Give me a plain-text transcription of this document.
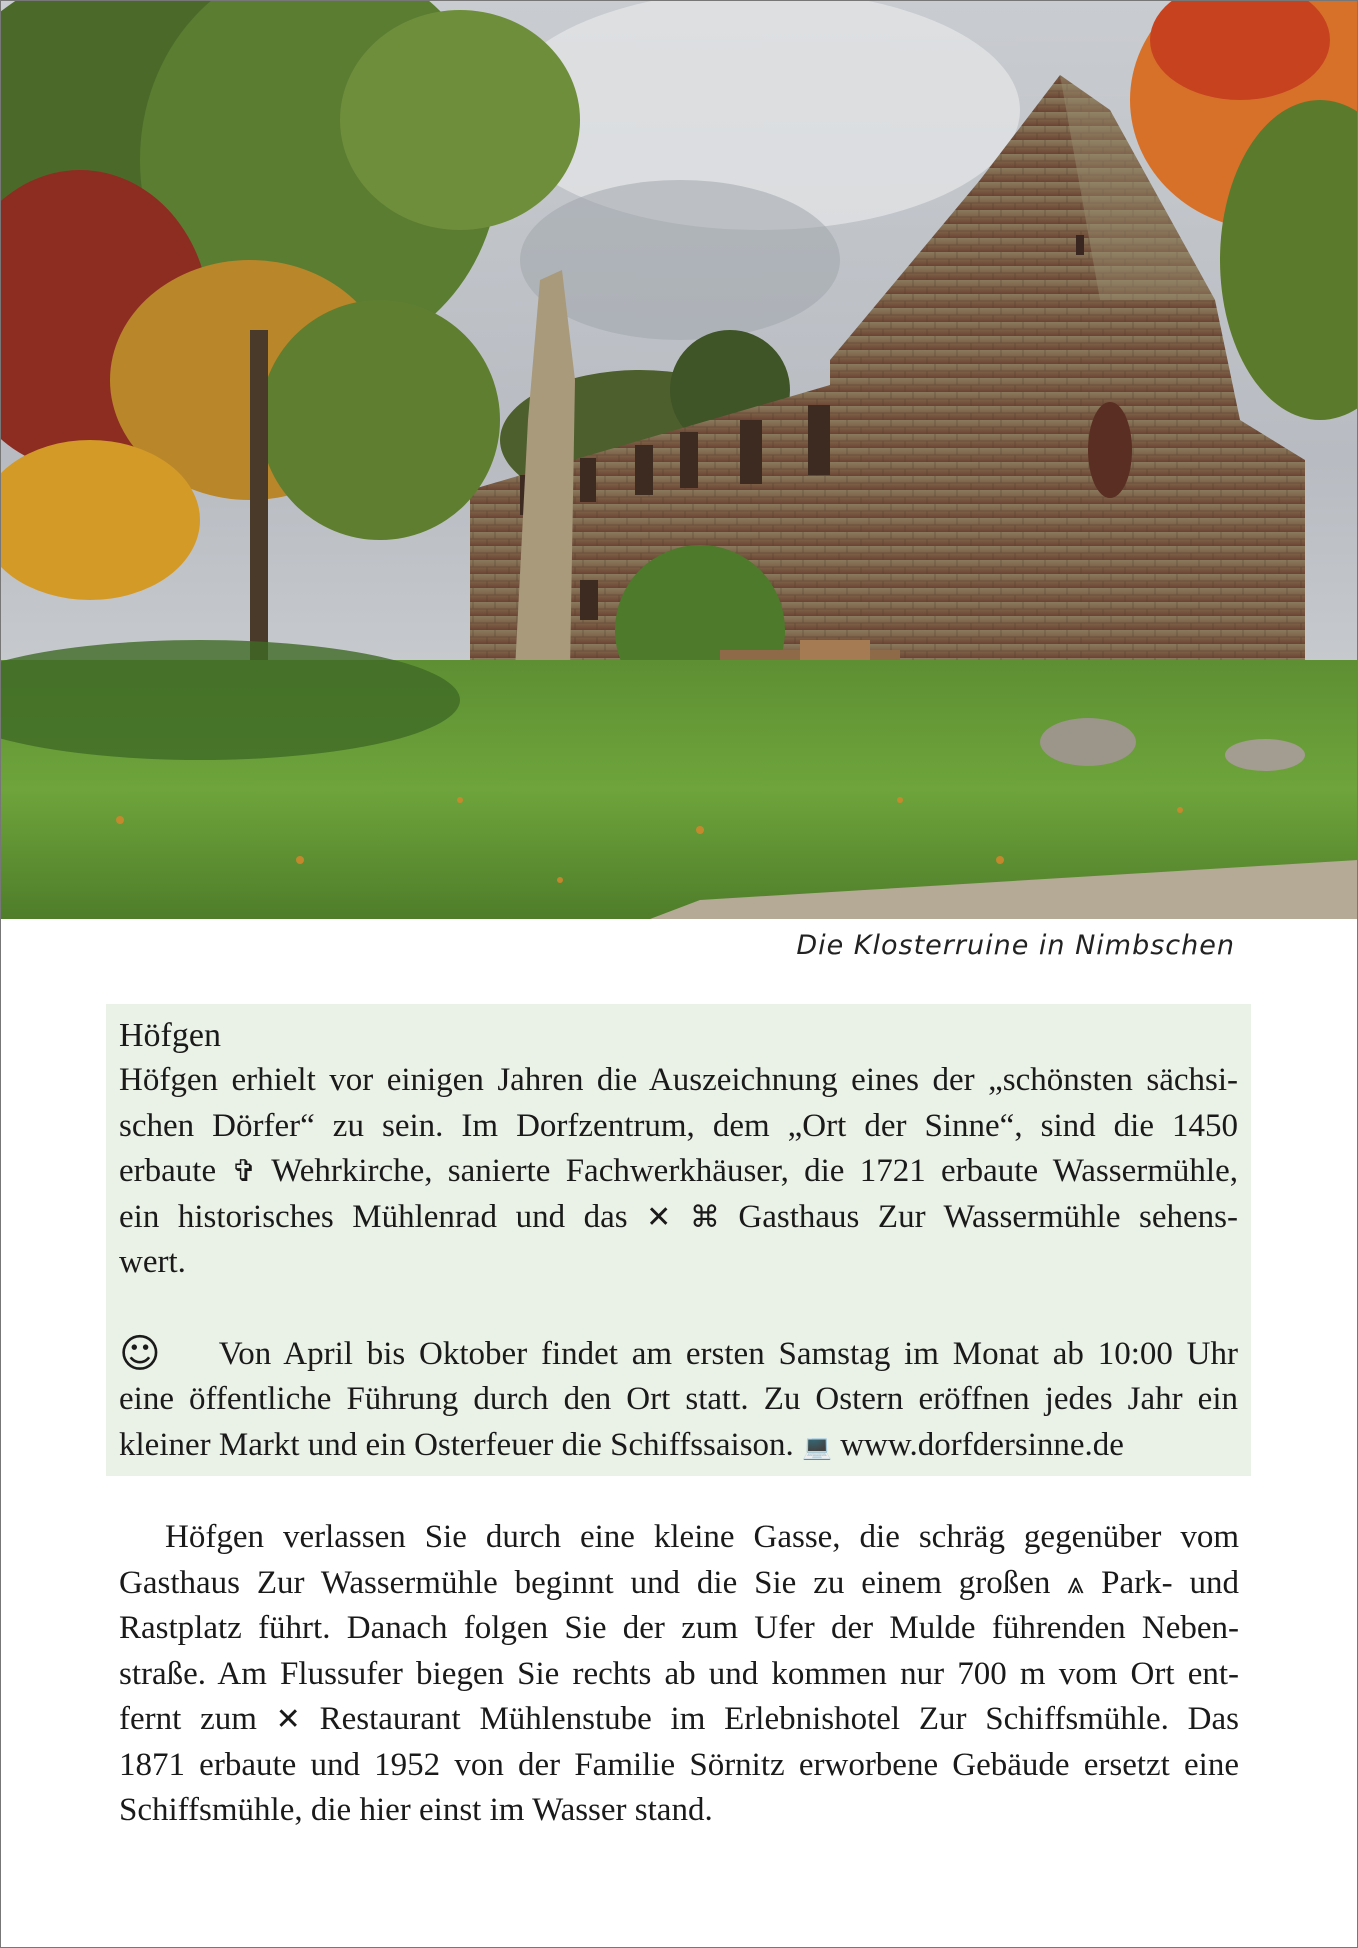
Die Klosterruine in Nimbschen
Höfgen
Höfgen erhielt vor einigen Jahren die Auszeichnung eines der „schönsten sächsi-
schen Dörfer“ zu sein. Im Dorfzentrum, dem „Ort der Sinne“, sind die 1450
erbaute ✞ Wehrkirche, sanierte Fachwerkhäuser, die 1721 erbaute Wassermühle,
ein historisches Mühlenrad und das ✕ ⌘ Gasthaus Zur Wassermühle sehens-
wert.
☺ Von April bis Oktober findet am ersten Samstag im Monat ab 10:00 Uhr
eine öffentliche Führung durch den Ort statt. Zu Ostern eröffnen jedes Jahr ein
kleiner Markt und ein Osterfeuer die Schiffssaison. 💻 www.dorfdersinne.de
Höfgen verlassen Sie durch eine kleine Gasse, die schräg gegenüber vom
Gasthaus Zur Wassermühle beginnt und die Sie zu einem großen ⩓ Park- und
Rastplatz führt. Danach folgen Sie der zum Ufer der Mulde führenden Neben-
straße. Am Flussufer biegen Sie rechts ab und kommen nur 700 m vom Ort ent-
fernt zum ✕ Restaurant Mühlenstube im Erlebnishotel Zur Schiffsmühle. Das
1871 erbaute und 1952 von der Familie Sörnitz erworbene Gebäude ersetzt eine
Schiffsmühle, die hier einst im Wasser stand.
